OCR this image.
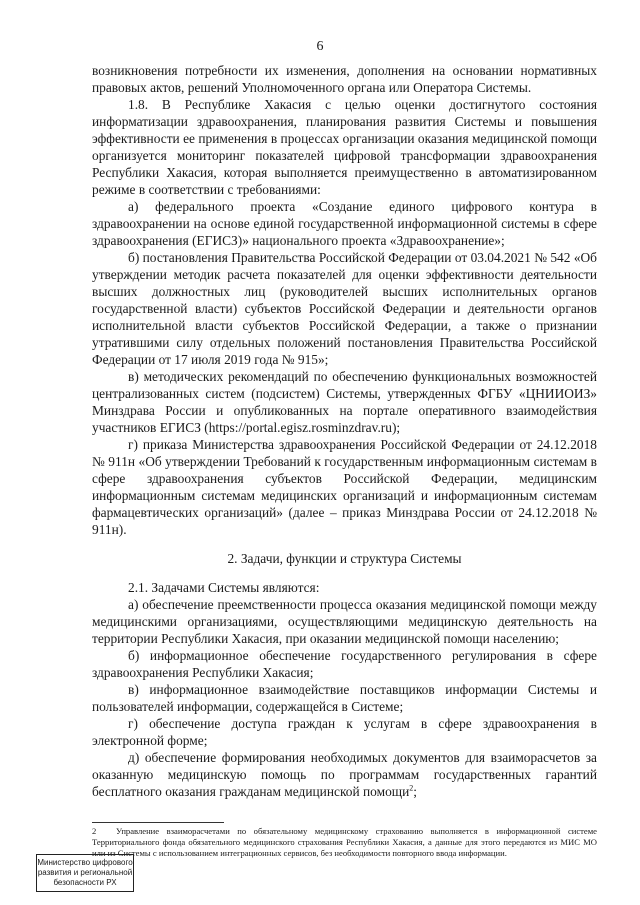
6

возникновения потребности их изменения, дополнения на основании нормативных правовых актов, решений Уполномоченного органа или Оператора Системы.

1.8. В Республике Хакасия с целью оценки достигнутого состояния информатизации здравоохранения, планирования развития Системы и повышения эффективности ее применения в процессах организации оказания медицинской помощи организуется мониторинг показателей цифровой трансформации здравоохранения Республики Хакасия, которая выполняется преимущественно в автоматизированном режиме в соответствии с требованиями:

а) федерального проекта «Создание единого цифрового контура в здравоохранении на основе единой государственной информационной системы в сфере здравоохранения (ЕГИСЗ)» национального проекта «Здравоохранение»;

б) постановления Правительства Российской Федерации от 03.04.2021 № 542 «Об утверждении методик расчета показателей для оценки эффективности деятельности высших должностных лиц (руководителей высших исполнительных органов государственной власти) субъектов Российской Федерации и деятельности органов исполнительной власти субъектов Российской Федерации, а также о признании утратившими силу отдельных положений постановления Правительства Российской Федерации от 17 июля 2019 года № 915»;

в) методических рекомендаций по обеспечению функциональных возможностей централизованных систем (подсистем) Системы, утвержденных ФГБУ «ЦНИИОИЗ» Минздрава России и опубликованных на портале оперативного взаимодействия участников ЕГИСЗ (https://portal.egisz.rosminzdrav.ru);

г) приказа Министерства здравоохранения Российской Федерации от 24.12.2018 № 911н «Об утверждении Требований к государственным информационным системам в сфере здравоохранения субъектов Российской Федерации, медицинским информационным системам медицинских организаций и информационным системам фармацевтических организаций» (далее – приказ Минздрава России от 24.12.2018 № 911н).

2. Задачи, функции и структура Системы

2.1. Задачами Системы являются:

а) обеспечение преемственности процесса оказания медицинской помощи между медицинскими организациями, осуществляющими медицинскую деятельность на территории Республики Хакасия, при оказании медицинской помощи населению;

б) информационное обеспечение государственного регулирования в сфере здравоохранения Республики Хакасия;

в) информационное взаимодействие поставщиков информации Системы и пользователей информации, содержащейся в Системе;

г) обеспечение доступа граждан к услугам в сфере здравоохранения в электронной форме;

д) обеспечение формирования необходимых документов для взаиморасчетов за оказанную медицинскую помощь по программам государственных гарантий бесплатного оказания гражданам медицинской помощи$^2$;

2 Управление взаиморасчетами по обязательному медицинскому страхованию выполняется в информационной системе Территориального фонда обязательного медицинского страхования Республики Хакасия, а данные для этого передаются из МИС МО или из Системы с использованием интеграционных сервисов, без необходимости повторного ввода информации.
Министерство цифрового
развития и региональной
безопасности РХ
